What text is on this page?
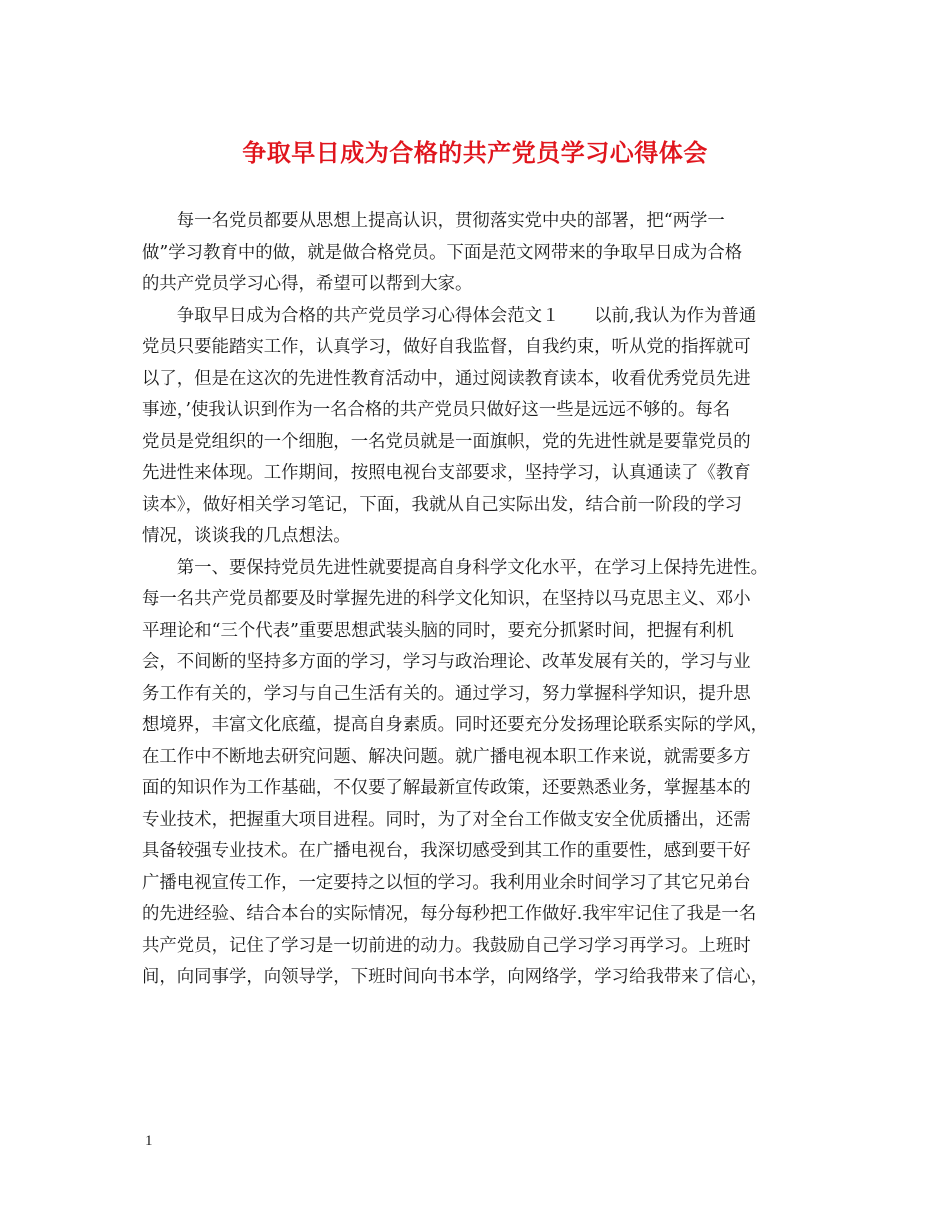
争取早日成为合格的共产党员学习心得体会
　　每一名党员都要从思想上提高认识，贯彻落实党中央的部署，把“两学一
做”学习教育中的做，就是做合格党员。下面是范文网带来的争取早日成为合格
的共产党员学习心得，希望可以帮到大家。
　　争取早日成为合格的共产党员学习心得体会范文１　　以前,我认为作为普通
党员只要能踏实工作，认真学习，做好自我监督，自我约束，听从党的指挥就可
以了，但是在这次的先进性教育活动中，通过阅读教育读本，收看优秀党员先进
事迹，’使我认识到作为一名合格的共产党员只做好这一些是远远不够的。每名
党员是党组织的一个细胞，一名党员就是一面旗帜，党的先进性就是要靠党员的
先进性来体现。工作期间，按照电视台支部要求，坚持学习，认真通读了《教育
读本》，做好相关学习笔记，下面，我就从自己实际出发，结合前一阶段的学习
情况，谈谈我的几点想法。
　　第一、要保持党员先进性就要提高自身科学文化水平，在学习上保持先进性。
每一名共产党员都要及时掌握先进的科学文化知识，在坚持以马克思主义、邓小
平理论和“三个代表”重要思想武装头脑的同时，要充分抓紧时间，把握有利机
会，不间断的坚持多方面的学习，学习与政治理论、改革发展有关的，学习与业
务工作有关的，学习与自己生活有关的。通过学习，努力掌握科学知识，提升思
想境界，丰富文化底蕴，提高自身素质。同时还要充分发扬理论联系实际的学风，
在工作中不断地去研究问题、解决问题。就广播电视本职工作来说，就需要多方
面的知识作为工作基础，不仅要了解最新宣传政策，还要熟悉业务，掌握基本的
专业技术，把握重大项目进程。同时，为了对全台工作做支安全优质播出，还需
具备较强专业技术。在广播电视台，我深切感受到其工作的重要性，感到要干好
广播电视宣传工作，一定要持之以恒的学习。我利用业余时间学习了其它兄弟台
的先进经验、结合本台的实际情况，每分每秒把工作做好.我牢牢记住了我是一名
共产党员，记住了学习是一切前进的动力。我鼓励自己学习学习再学习。上班时
间，向同事学，向领导学，下班时间向书本学，向网络学，学习给我带来了信心，
1
